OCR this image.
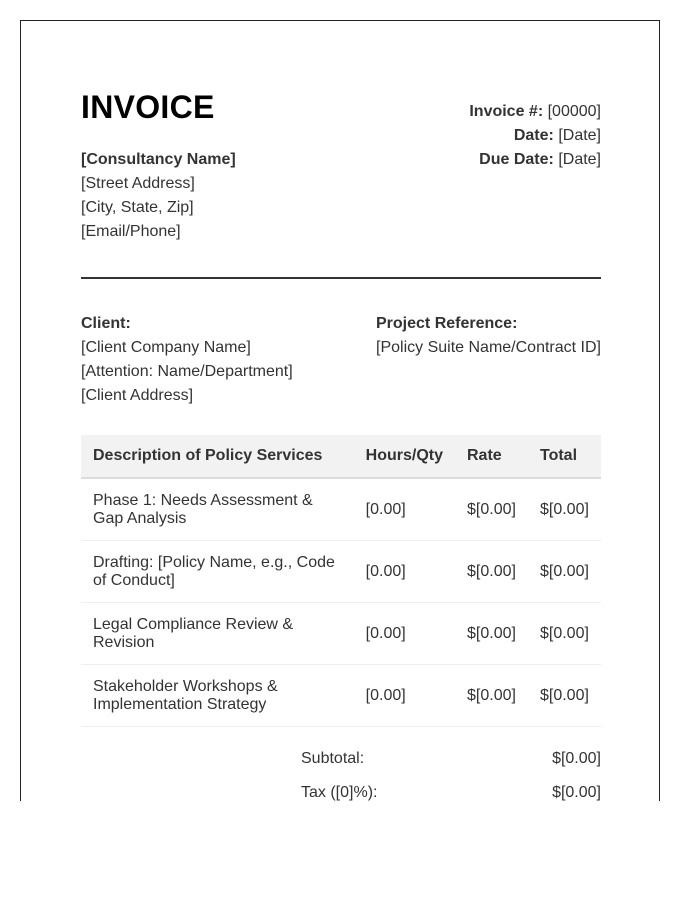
INVOICE
[Consultancy Name]
[Street Address]
[City, State, Zip]
[Email/Phone]
Invoice #: [00000]
Date: [Date]
Due Date: [Date]
Client:
[Client Company Name]
[Attention: Name/Department]
[Client Address]
Project Reference:
[Policy Suite Name/Contract ID]
Description of Policy Services	Hours/Qty	Rate	Total
Phase 1: Needs Assessment & Gap Analysis	[0.00]	$[0.00]	$[0.00]
Drafting: [Policy Name, e.g., Code of Conduct]	[0.00]	$[0.00]	$[0.00]
Legal Compliance Review & Revision	[0.00]	$[0.00]	$[0.00]
Stakeholder Workshops & Implementation Strategy	[0.00]	$[0.00]	$[0.00]
Subtotal:	$[0.00]
Tax ([0]%):	$[0.00]
